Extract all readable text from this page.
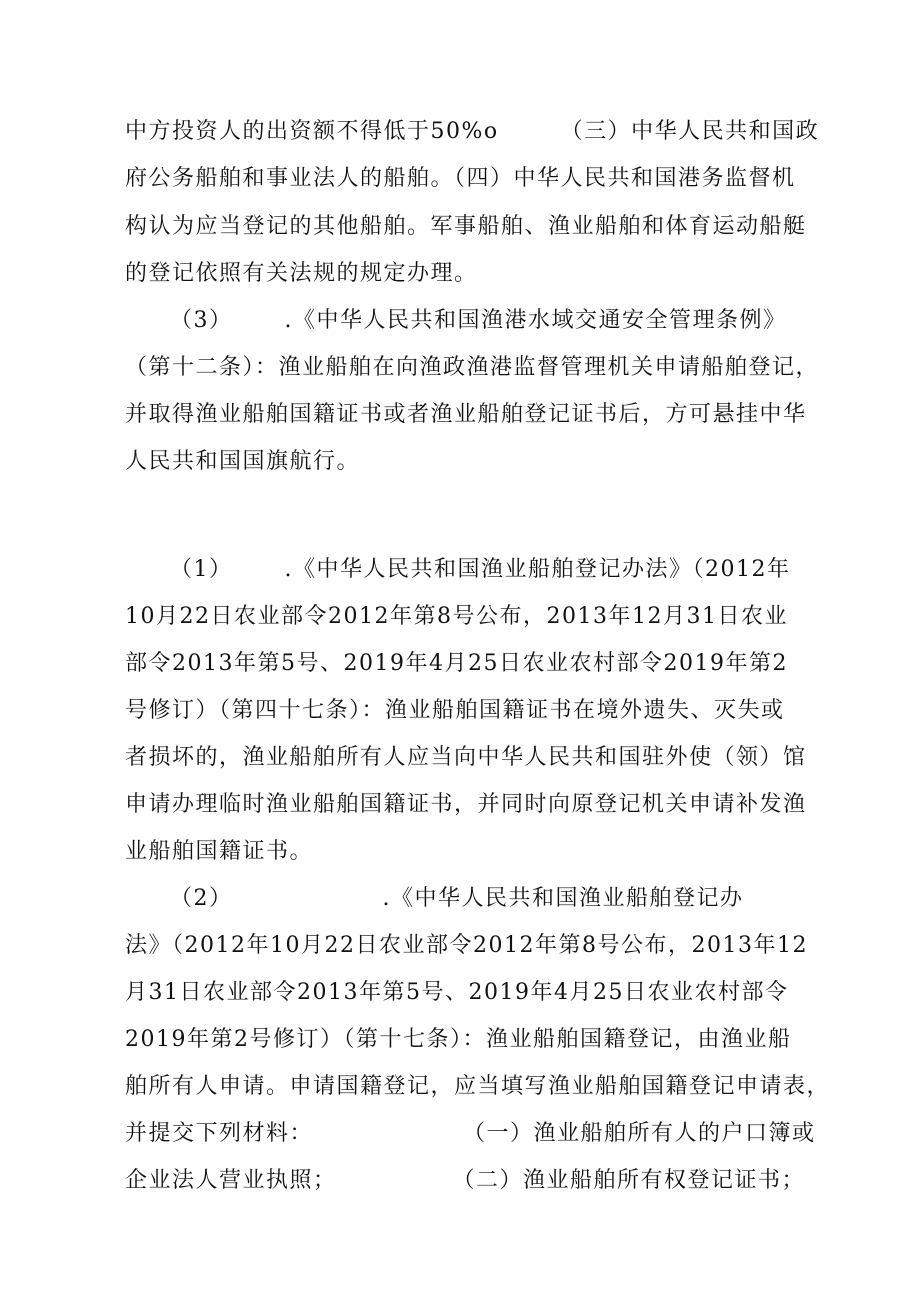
中方投资人的出资额不得低于50%o	（三）中华人民共和国政
府公务船舶和事业法人的船舶。（四）中华人民共和国港务监督机
构认为应当登记的其他船舶。军事船舶、渔业船舶和体育运动船艇
的登记依照有关法规的规定办理。
（3） .《中华人民共和国渔港水域交通安全管理条例》
（第十二条）：渔业船舶在向渔政渔港监督管理机关申请船舶登记，
并取得渔业船舶国籍证书或者渔业船舶登记证书后，方可悬挂中华
人民共和国国旗航行。
（1） .《中华人民共和国渔业船舶登记办法》（2012年
10月22日农业部令2012年第8号公布，2013年12月31日农业
部令2013年第5号、2019年4月25日农业农村部令2019年第2
号修订）（第四十七条）：渔业船舶国籍证书在境外遗失、灭失或
者损坏的，渔业船舶所有人应当向中华人民共和国驻外使（领）馆
申请办理临时渔业船舶国籍证书，并同时向原登记机关申请补发渔
业船舶国籍证书。
（2）	.《中华人民共和国渔业船舶登记办
法》（2012年10月22日农业部令2012年第8号公布，2013年12
月31日农业部令2013年第5号、2019年4月25日农业农村部令
2019年第2号修订）（第十七条）：渔业船舶国籍登记，由渔业船
舶所有人申请。申请国籍登记，应当填写渔业船舶国籍登记申请表，
并提交下列材料：	（一）渔业船舶所有人的户口簿或
企业法人营业执照；	（二）渔业船舶所有权登记证书；
